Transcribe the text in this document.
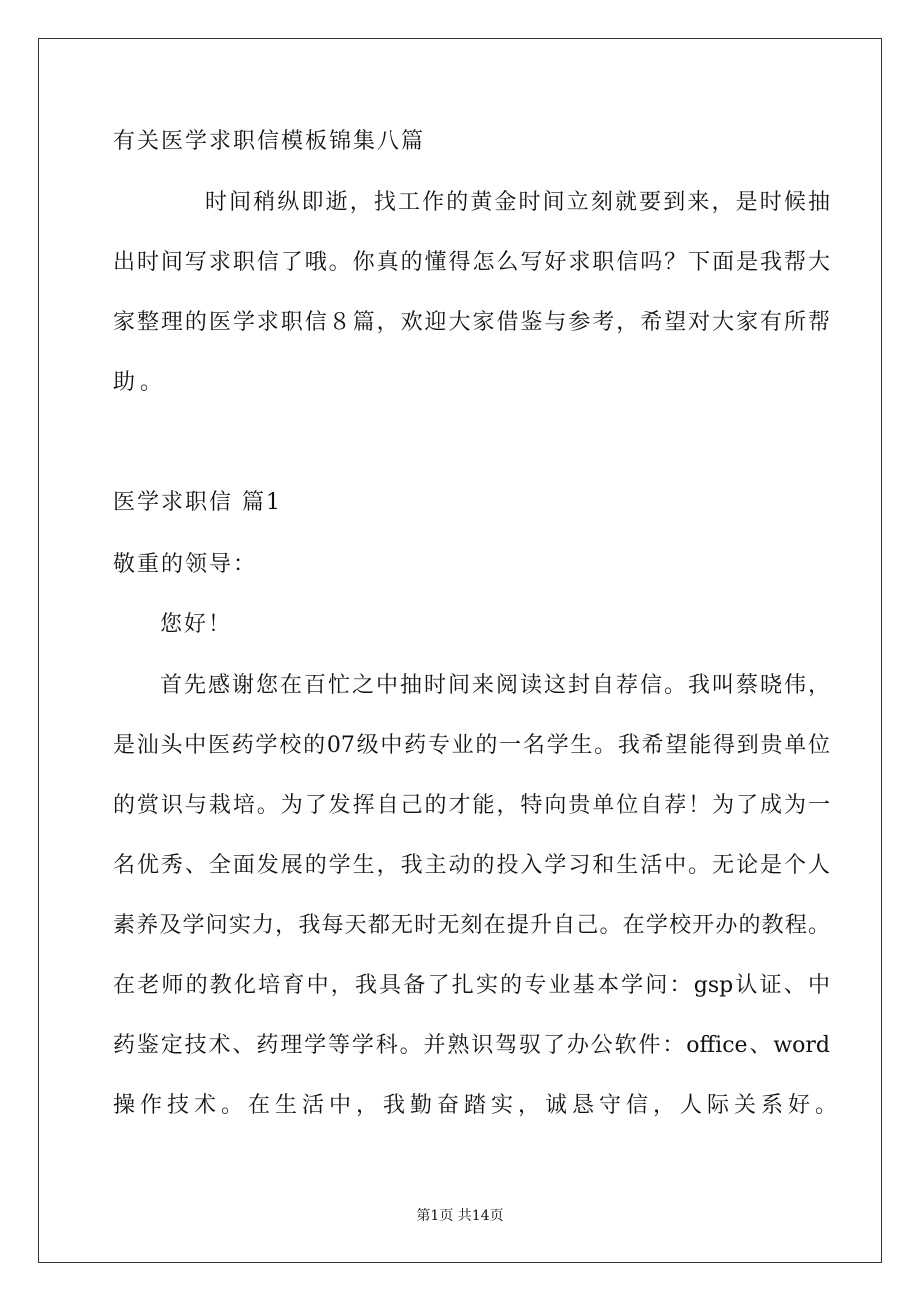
有关医学求职信模板锦集八篇
时间稍纵即逝，找工作的黄金时间立刻就要到来，是时候抽
出时间写求职信了哦。你真的懂得怎么写好求职信吗？下面是我帮大
家整理的医学求职信８篇，欢迎大家借鉴与参考，希望对大家有所帮
助。
医学求职信 篇1
敬重的领导：
您好！
首先感谢您在百忙之中抽时间来阅读这封自荐信。我叫蔡晓伟，
是汕头中医药学校的07级中药专业的一名学生。我希望能得到贵单位
的赏识与栽培。为了发挥自己的才能，特向贵单位自荐！为了成为一
名优秀、全面发展的学生，我主动的投入学习和生活中。无论是个人
素养及学问实力，我每天都无时无刻在提升自己。在学校开办的教程。
在老师的教化培育中，我具备了扎实的专业基本学问：gsp认证、中
药鉴定技术、药理学等学科。并熟识驾驭了办公软件：office、word
操作技术。在生活中，我勤奋踏实，诚恳守信，人际关系好。
第1页 共14页
